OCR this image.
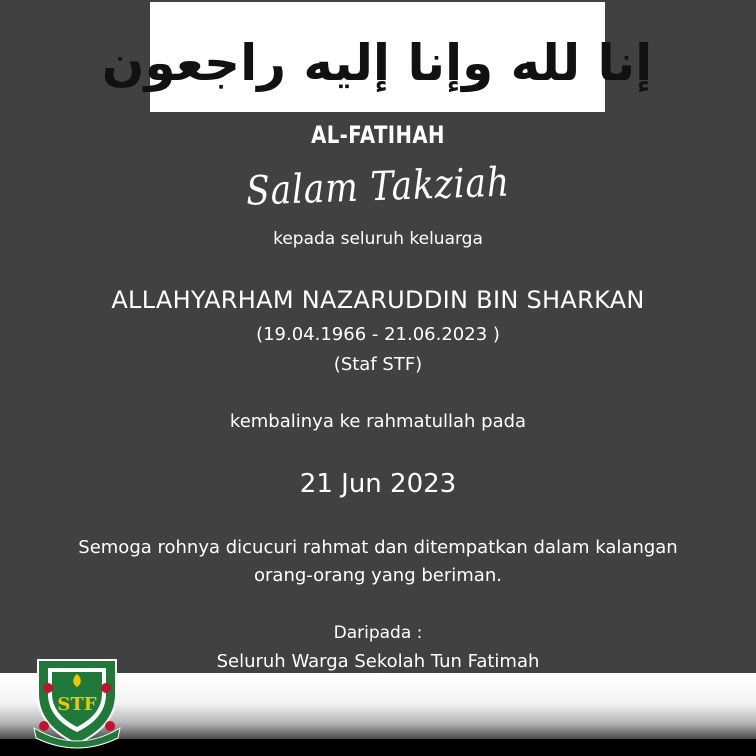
إنا لله وإنا إليه راجعون
AL-FATIHAH
Salam Takziah
kepada seluruh keluarga
ALLAHYARHAM NAZARUDDIN BIN SHARKAN
(19.04.1966 - 21.06.2023 )
(Staf STF)
kembalinya ke rahmatullah pada
21 Jun 2023
Semoga rohnya dicucuri rahmat dan ditempatkan dalam kalangan
orang-orang yang beriman.
Daripada :
Seluruh Warga Sekolah Tun Fatimah
STF
